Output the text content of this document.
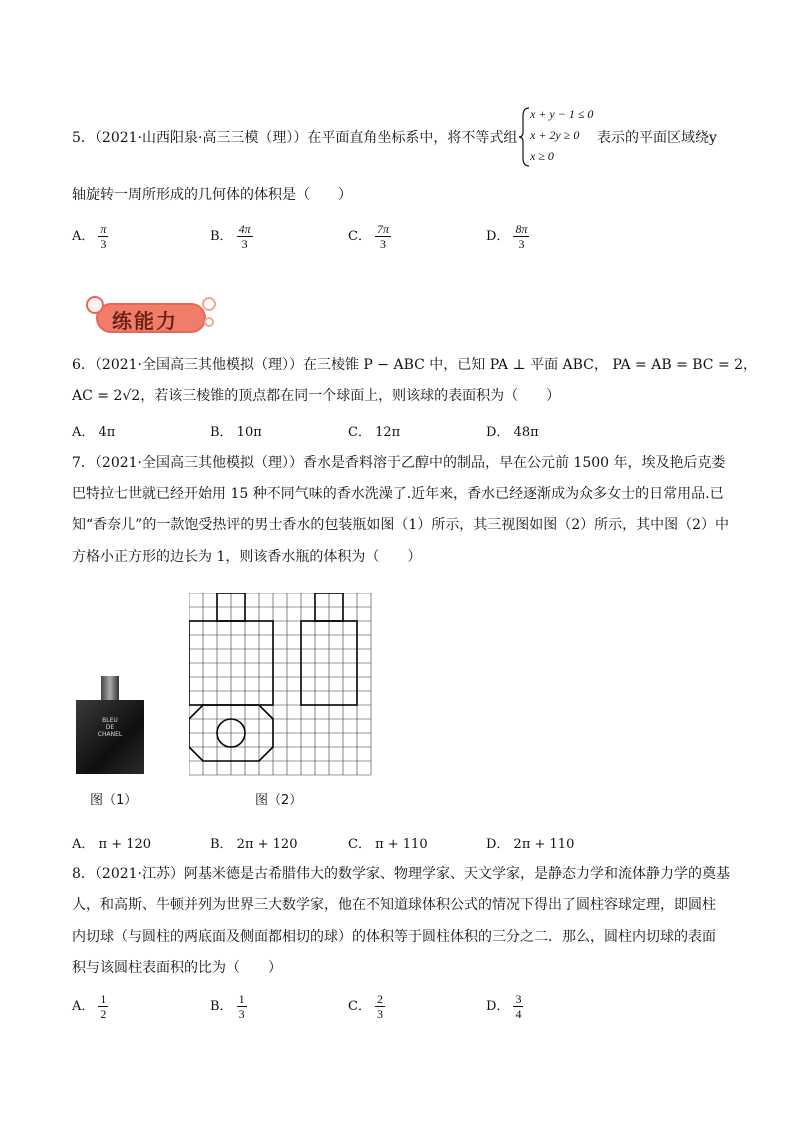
5．（2021·山西阳泉·高三三模（理））在平面直角坐标系中，将不等式组
x + y − 1 ≤ 0
x + 2y ≥ 0
x ≥ 0
表示的平面区域绕y
轴旋转一周所形成的几何体的体积是（　　）
A． $\frac{\pi}{3}$	B． $\frac{4\pi}{3}$	C． $\frac{7\pi}{3}$	D． $\frac{8\pi}{3}$
练能力
6．（2021·全国高三其他模拟（理））在三棱锥 P − ABC 中，已知 PA ⊥ 平面 ABC， PA = AB = BC = 2，
AC = 2√2，若该三棱锥的顶点都在同一个球面上，则该球的表面积为（　　）
A． 4π	B． 10π	C． 12π	D． 48π
7．（2021·全国高三其他模拟（理））香水是香料溶于乙醇中的制品，早在公元前 1500 年，埃及艳后克娄
巴特拉七世就已经开始用 15 种不同气味的香水洗澡了.近年来，香水已经逐渐成为众多女士的日常用品.已
知“香奈儿”的一款饱受热评的男士香水的包装瓶如图（1）所示，其三视图如图（2）所示，其中图（2）中
方格小正方形的边长为 1，则该香水瓶的体积为（　　）
BLEU
DE
CHANEL
图（1）	图（2）
A． π + 120	B． 2π + 120	C． π + 110	D． 2π + 110
8．（2021·江苏）阿基米德是古希腊伟大的数学家、物理学家、天文学家，是静态力学和流体静力学的奠基
人，和高斯、牛顿并列为世界三大数学家，他在不知道球体积公式的情况下得出了圆柱容球定理，即圆柱
内切球（与圆柱的两底面及侧面都相切的球）的体积等于圆柱体积的三分之二．那么，圆柱内切球的表面
积与该圆柱表面积的比为（　　）
A． $\frac{1}{2}$	B． $\frac{1}{3}$	C． $\frac{2}{3}$	D． $\frac{3}{4}$
